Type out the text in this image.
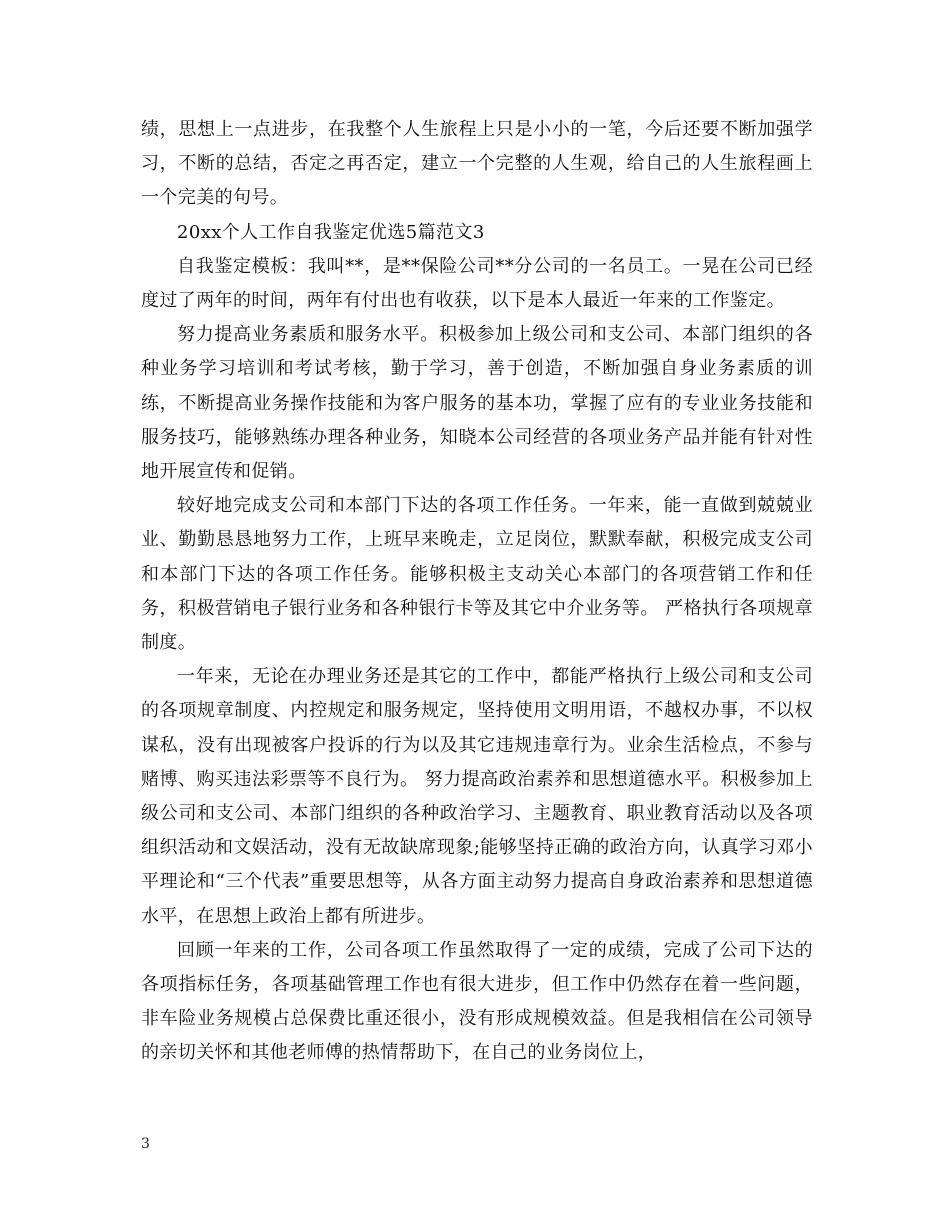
绩，思想上一点进步，在我整个人生旅程上只是小小的一笔，今后还要不断加强学习，不断的总结，否定之再否定，建立一个完整的人生观，给自己的人生旅程画上一个完美的句号。

20xx个人工作自我鉴定优选5篇范文3

自我鉴定模板：我叫**，是**保险公司**分公司的一名员工。一晃在公司已经度过了两年的时间，两年有付出也有收获，以下是本人最近一年来的工作鉴定。

努力提高业务素质和服务水平。积极参加上级公司和支公司、本部门组织的各种业务学习培训和考试考核，勤于学习，善于创造，不断加强自身业务素质的训练，不断提高业务操作技能和为客户服务的基本功，掌握了应有的专业业务技能和服务技巧，能够熟练办理各种业务，知晓本公司经营的各项业务产品并能有针对性地开展宣传和促销。

较好地完成支公司和本部门下达的各项工作任务。一年来，能一直做到兢兢业业、勤勤恳恳地努力工作，上班早来晚走，立足岗位，默默奉献，积极完成支公司和本部门下达的各项工作任务。能够积极主支动关心本部门的各项营销工作和任务，积极营销电子银行业务和各种银行卡等及其它中介业务等。 严格执行各项规章制度。

一年来，无论在办理业务还是其它的工作中，都能严格执行上级公司和支公司的各项规章制度、内控规定和服务规定，坚持使用文明用语，不越权办事，不以权谋私，没有出现被客户投诉的行为以及其它违规违章行为。业余生活检点，不参与赌博、购买违法彩票等不良行为。 努力提高政治素养和思想道德水平。积极参加上级公司和支公司、本部门组织的各种政治学习、主题教育、职业教育活动以及各项组织活动和文娱活动，没有无故缺席现象;能够坚持正确的政治方向，认真学习邓小平理论和“三个代表”重要思想等，从各方面主动努力提高自身政治素养和思想道德水平，在思想上政治上都有所进步。

回顾一年来的工作，公司各项工作虽然取得了一定的成绩，完成了公司下达的各项指标任务，各项基础管理工作也有很大进步，但工作中仍然存在着一些问题，非车险业务规模占总保费比重还很小，没有形成规模效益。但是我相信在公司领导的亲切关怀和其他老师傅的热情帮助下，在自己的业务岗位上，

3
